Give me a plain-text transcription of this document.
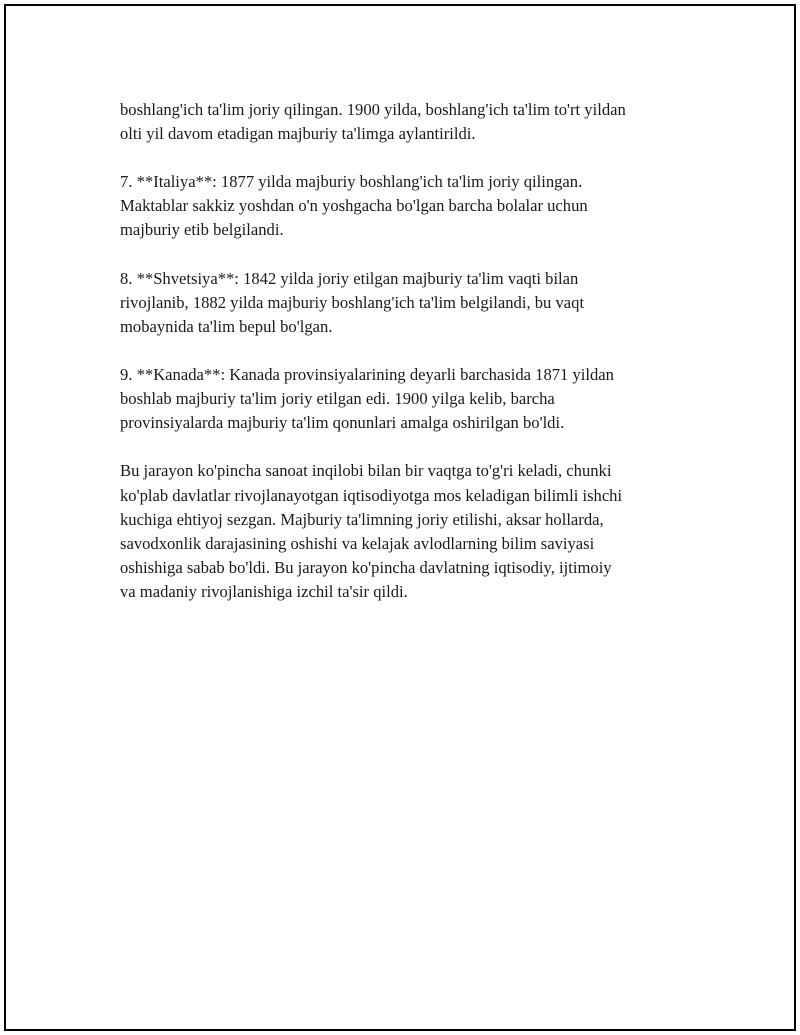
boshlang'ich ta'lim joriy qilingan. 1900 yilda, boshlang'ich ta'lim to'rt yildan
olti yil davom etadigan majburiy ta'limga aylantirildi.

7. **Italiya**: 1877 yilda majburiy boshlang'ich ta'lim joriy qilingan.
Maktablar sakkiz yoshdan o'n yoshgacha bo'lgan barcha bolalar uchun
majburiy etib belgilandi.

8. **Shvetsiya**: 1842 yilda joriy etilgan majburiy ta'lim vaqti bilan
rivojlanib, 1882 yilda majburiy boshlang'ich ta'lim belgilandi, bu vaqt
mobaynida ta'lim bepul bo'lgan.

9. **Kanada**: Kanada provinsiyalarining deyarli barchasida 1871 yildan
boshlab majburiy ta'lim joriy etilgan edi. 1900 yilga kelib, barcha
provinsiyalarda majburiy ta'lim qonunlari amalga oshirilgan bo'ldi.

Bu jarayon ko'pincha sanoat inqilobi bilan bir vaqtga to'g'ri keladi, chunki
ko'plab davlatlar rivojlanayotgan iqtisodiyotga mos keladigan bilimli ishchi
kuchiga ehtiyoj sezgan. Majburiy ta'limning joriy etilishi, aksar hollarda,
savodxonlik darajasining oshishi va kelajak avlodlarning bilim saviyasi
oshishiga sabab bo'ldi. Bu jarayon ko'pincha davlatning iqtisodiy, ijtimoiy
va madaniy rivojlanishiga izchil ta'sir qildi.
